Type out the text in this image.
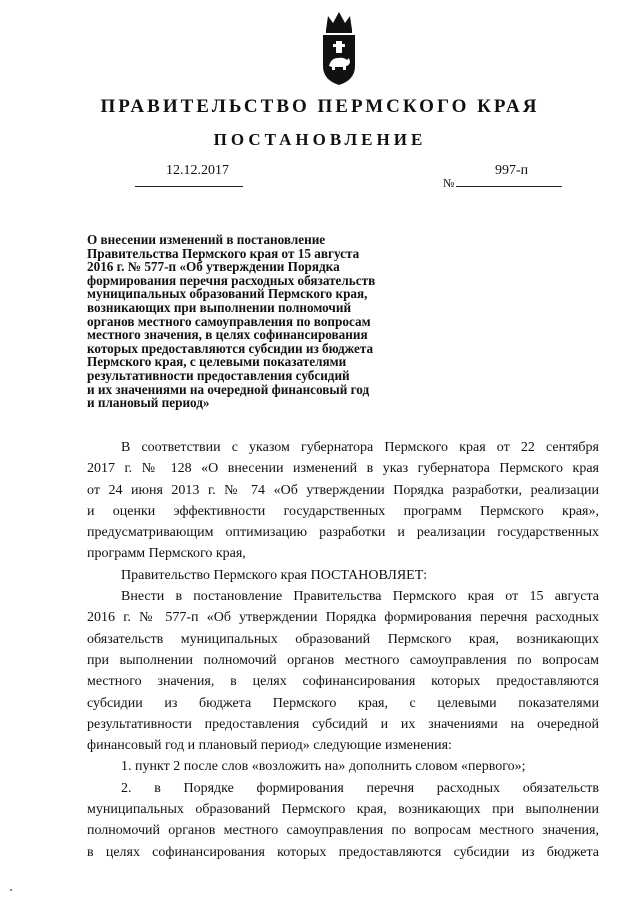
ПРАВИТЕЛЬСТВО ПЕРМСКОГО КРАЯ
ПОСТАНОВЛЕНИЕ
12.12.2017	997-п
№
О внесении изменений в постановление
Правительства Пермского края от 15 августа
2016 г. № 577-п «Об утверждении Порядка
формирования перечня расходных обязательств
муниципальных образований Пермского края,
возникающих при выполнении полномочий
органов местного самоуправления по вопросам
местного значения, в целях софинансирования
которых предоставляются субсидии из бюджета
Пермского края, с целевыми показателями
результативности предоставления субсидий
и их значениями на очередной финансовый год
и плановый период»
В соответствии с указом губернатора Пермского края от 22 сентября
2017 г. № 128 «О внесении изменений в указ губернатора Пермского края
от 24 июня 2013 г. № 74 «Об утверждении Порядка разработки, реализации
и оценки эффективности государственных программ Пермского края»,
предусматривающим оптимизацию разработки и реализации государственных
программ Пермского края,
Правительство Пермского края ПОСТАНОВЛЯЕТ:
Внести в постановление Правительства Пермского края от 15 августа
2016 г. № 577-п «Об утверждении Порядка формирования перечня расходных
обязательств муниципальных образований Пермского края, возникающих
при выполнении полномочий органов местного самоуправления по вопросам
местного значения, в целях софинансирования которых предоставляются
субсидии из бюджета Пермского края, с целевыми показателями
результативности предоставления субсидий и их значениями на очередной
финансовый год и плановый период» следующие изменения:
1. пункт 2 после слов «возложить на» дополнить словом «первого»;
2. в Порядке формирования перечня расходных обязательств
муниципальных образований Пермского края, возникающих при выполнении
полномочий органов местного самоуправления по вопросам местного значения,
в целях софинансирования которых предоставляются субсидии из бюджета
